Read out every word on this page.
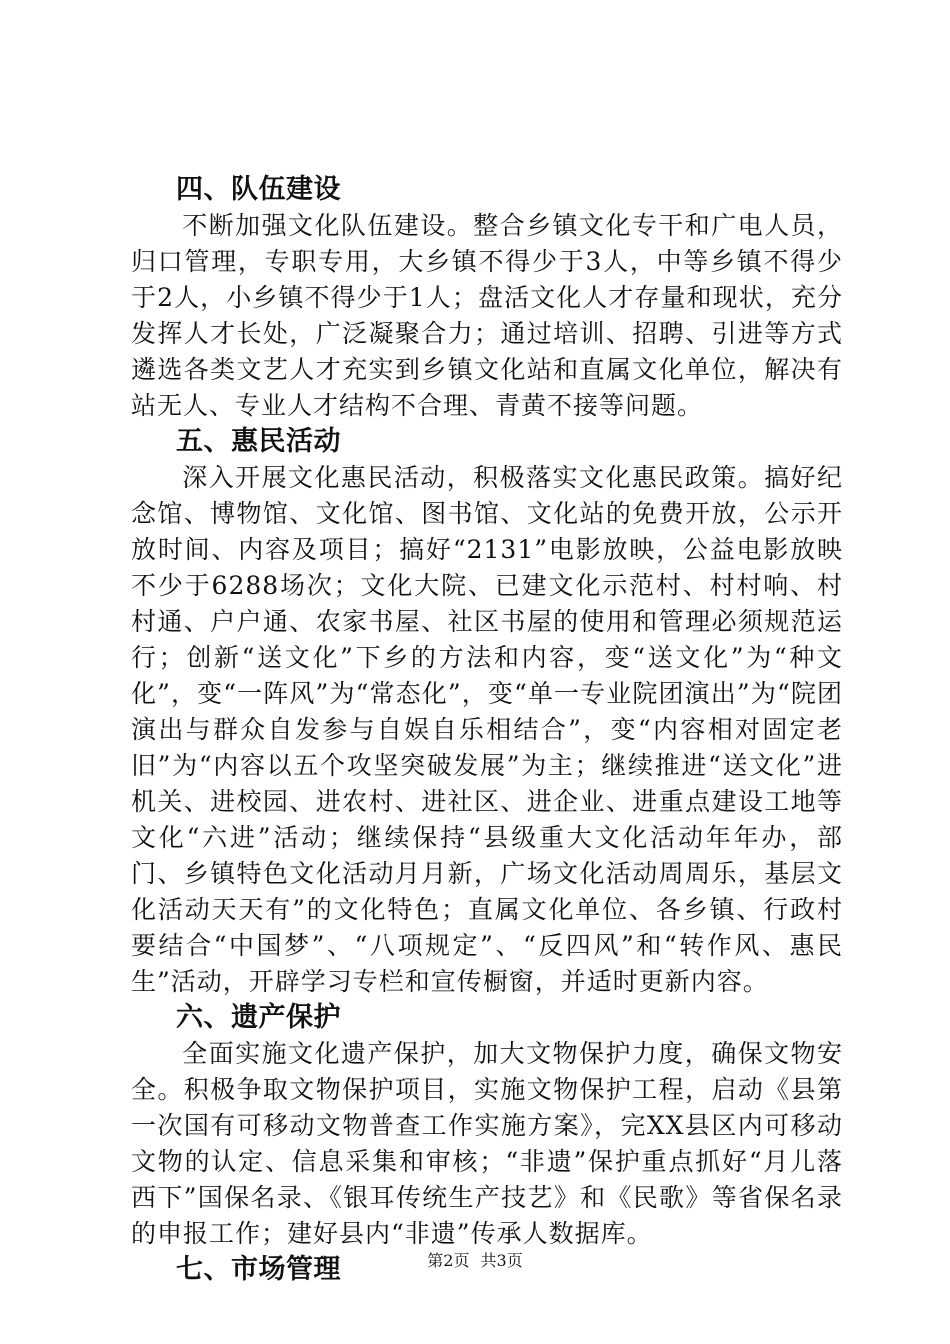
四、队伍建设

不断加强文化队伍建设。整合乡镇文化专干和广电人员，归口管理，专职专用，大乡镇不得少于3人，中等乡镇不得少于2人，小乡镇不得少于1人；盘活文化人才存量和现状，充分发挥人才长处，广泛凝聚合力；通过培训、招聘、引进等方式遴选各类文艺人才充实到乡镇文化站和直属文化单位，解决有站无人、专业人才结构不合理、青黄不接等问题。

五、惠民活动

深入开展文化惠民活动，积极落实文化惠民政策。搞好纪念馆、博物馆、文化馆、图书馆、文化站的免费开放，公示开放时间、内容及项目；搞好“2131”电影放映，公益电影放映不少于6288场次；文化大院、已建文化示范村、村村响、村村通、户户通、农家书屋、社区书屋的使用和管理必须规范运行；创新“送文化”下乡的方法和内容，变“送文化”为“种文化”，变“一阵风”为“常态化”，变“单一专业院团演出”为“院团演出与群众自发参与自娱自乐相结合”，变“内容相对固定老旧”为“内容以五个攻坚突破发展”为主；继续推进“送文化”进机关、进校园、进农村、进社区、进企业、进重点建设工地等文化“六进”活动；继续保持“县级重大文化活动年年办，部门、乡镇特色文化活动月月新，广场文化活动周周乐，基层文化活动天天有”的文化特色；直属文化单位、各乡镇、行政村要结合“中国梦”、“八项规定”、“反四风”和“转作风、惠民生”活动，开辟学习专栏和宣传橱窗，并适时更新内容。

六、遗产保护

全面实施文化遗产保护，加大文物保护力度，确保文物安全。积极争取文物保护项目，实施文物保护工程，启动《县第一次国有可移动文物普查工作实施方案》，完XX县区内可移动文物的认定、信息采集和审核；“非遗”保护重点抓好“月儿落西下”国保名录、《银耳传统生产技艺》和《民歌》等省保名录的申报工作；建好县内“非遗”传承人数据库。

七、市场管理	第2页 共3页
